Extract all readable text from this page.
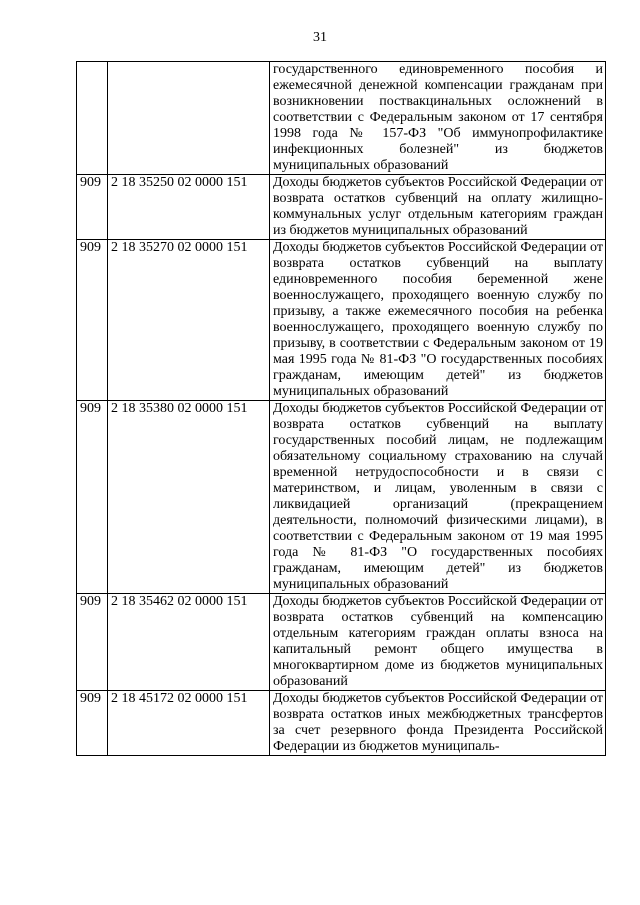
31
		государственного единовременного пособия и ежемесячной денежной компенсации гражданам при возникновении поствакцинальных осложнений в соответствии с Федеральным законом от 17 сентября 1998 года № 157-ФЗ "Об иммунопрофилактике инфекционных болезней" из бюджетов муниципальных образований
909	2 18 35250 02 0000 151	Доходы бюджетов субъектов Российской Федерации от возврата остатков субвенций на оплату жилищно-коммунальных услуг отдельным категориям граждан из бюджетов муниципальных образований
909	2 18 35270 02 0000 151	Доходы бюджетов субъектов Российской Федерации от возврата остатков субвенций на выплату единовременного пособия беременной жене военнослужащего, проходящего военную службу по призыву, а также ежемесячного пособия на ребенка военнослужащего, проходящего военную службу по призыву, в соответствии с Федеральным законом от 19 мая 1995 года № 81-ФЗ "О государственных пособиях гражданам, имеющим детей" из бюджетов муниципальных образований
909	2 18 35380 02 0000 151	Доходы бюджетов субъектов Российской Федерации от возврата остатков субвенций на выплату государственных пособий лицам, не подлежащим обязательному социальному страхованию на случай временной нетрудоспособности и в связи с материнством, и лицам, уволенным в связи с ликвидацией организаций (прекращением деятельности, полномочий физическими лицами), в соответствии с Федеральным законом от 19 мая 1995 года № 81-ФЗ "О государственных пособиях гражданам, имеющим детей" из бюджетов муниципальных образований
909	2 18 35462 02 0000 151	Доходы бюджетов субъектов Российской Федерации от возврата остатков субвенций на компенсацию отдельным категориям граждан оплаты взноса на капитальный ремонт общего имущества в многоквартирном доме из бюджетов муниципальных образований
909	2 18 45172 02 0000 151	Доходы бюджетов субъектов Российской Федерации от возврата остатков иных межбюджетных трансфертов за счет резервного фонда Президента Российской Федерации из бюджетов муниципаль-
